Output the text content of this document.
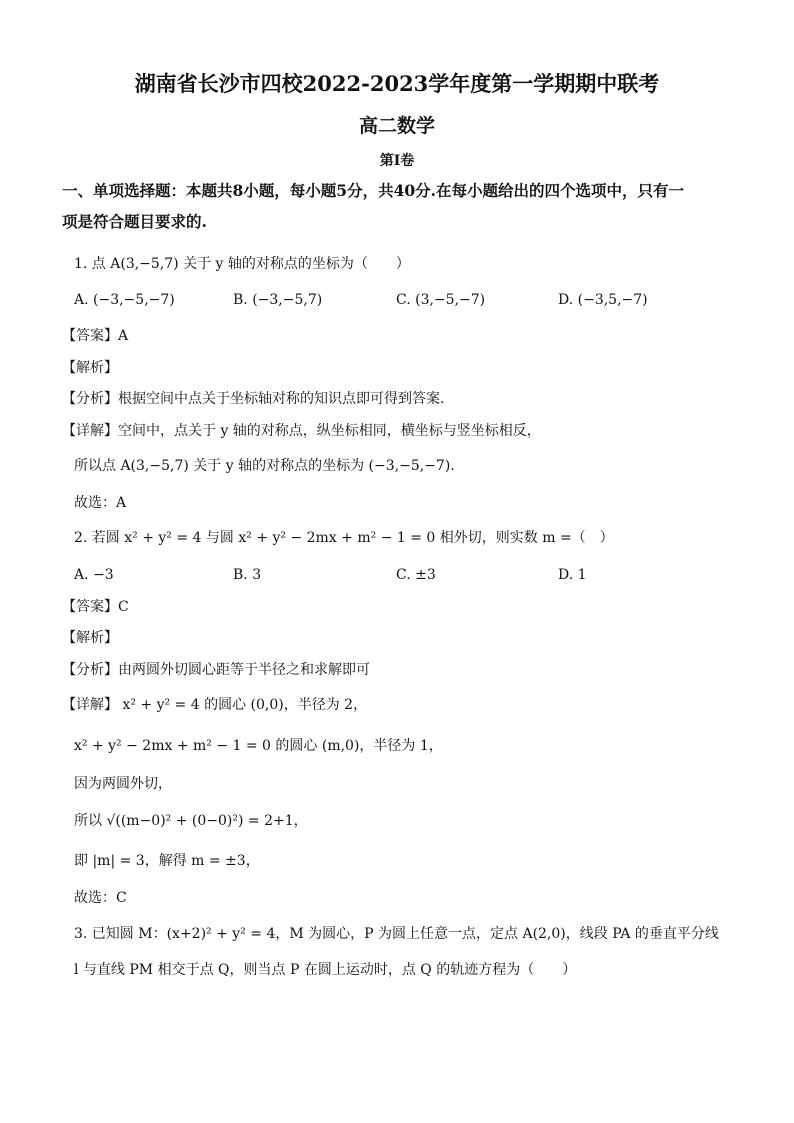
湖南省长沙市四校2022-2023学年度第一学期期中联考
高二数学
第I卷
一、单项选择题：本题共8小题，每小题5分，共40分.在每小题给出的四个选项中，只有一
项是符合题目要求的.
1. 点 A(3,−5,7) 关于 y 轴的对称点的坐标为（　　）
A. (−3,−5,−7)	B. (−3,−5,7)	C. (3,−5,−7)	D. (−3,5,−7)
【答案】A
【解析】
【分析】根据空间中点关于坐标轴对称的知识点即可得到答案.
【详解】空间中，点关于 y 轴的对称点，纵坐标相同，横坐标与竖坐标相反，
所以点 A(3,−5,7) 关于 y 轴的对称点的坐标为 (−3,−5,−7).
故选：A
2. 若圆 x² + y² = 4 与圆 x² + y² − 2mx + m² − 1 = 0 相外切，则实数 m =（　）
A. −3	B. 3	C. ±3	D. 1
【答案】C
【解析】
【分析】由两圆外切圆心距等于半径之和求解即可
【详解】 x² + y² = 4 的圆心 (0,0)，半径为 2，
x² + y² − 2mx + m² − 1 = 0 的圆心 (m,0)，半径为 1，
因为两圆外切，
所以 √((m−0)² + (0−0)²) = 2+1，
即 |m| = 3，解得 m = ±3，
故选：C
3. 已知圆 M：(x+2)² + y² = 4，M 为圆心，P 为圆上任意一点，定点 A(2,0)，线段 PA 的垂直平分线
l 与直线 PM 相交于点 Q，则当点 P 在圆上运动时，点 Q 的轨迹方程为（　　）
